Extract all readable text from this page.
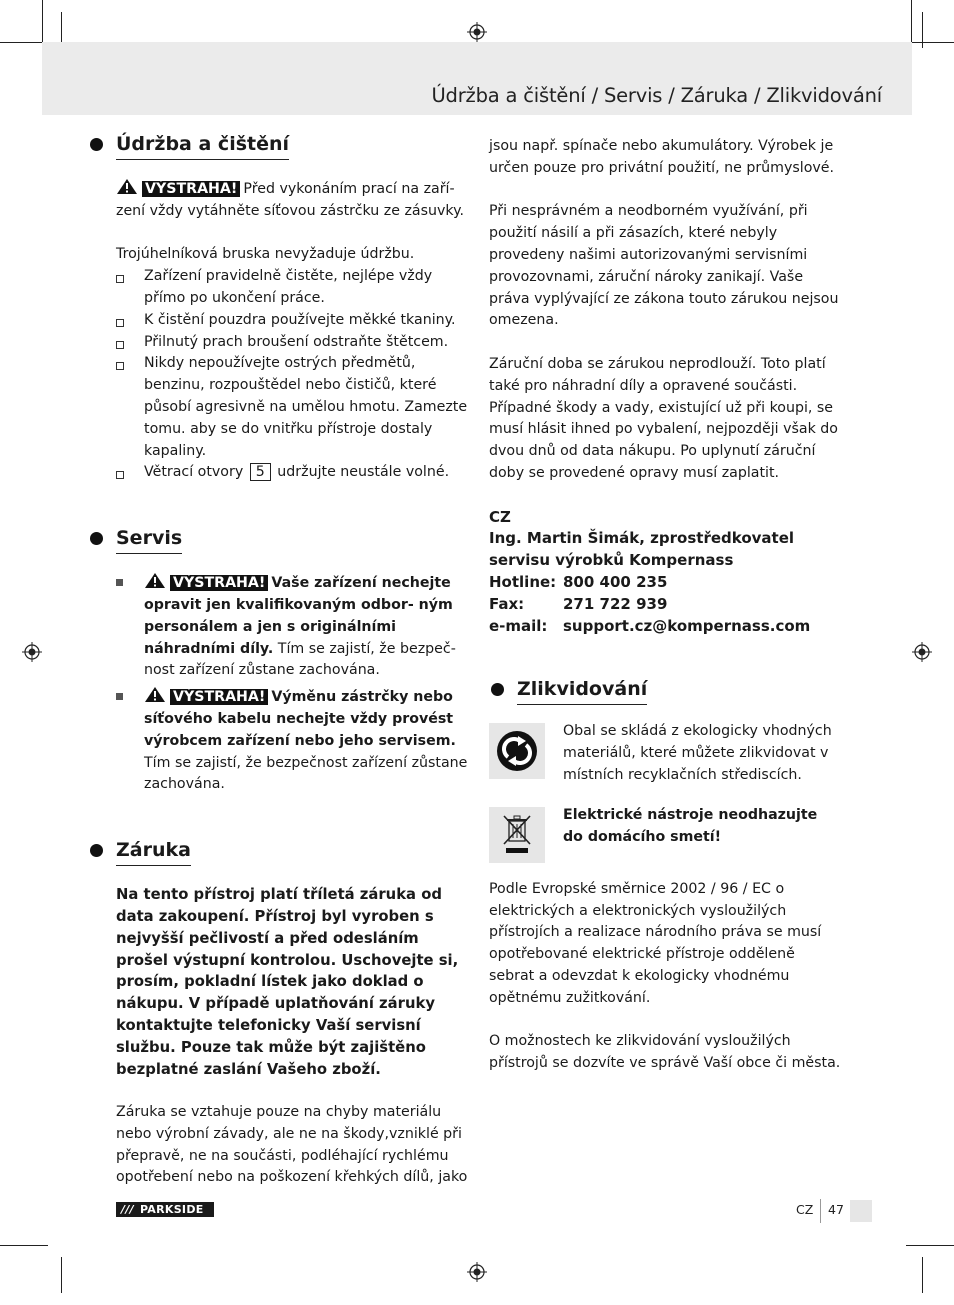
Údržba a čištění / Servis / Záruka / Zlikvidování
Údržba a čištění

VÝSTRAHA! Před vykonáním prací na zaří- zení vždy vytáhněte síťovou zástrčku ze zásuvky.

Trojúhelníková bruska nevyžaduje údržbu.

Zařízení pravidelně čistěte, nejlépe vždy přímo po ukončení práce.
K čistění pouzdra používejte měkké tkaniny.
Přilnutý prach broušení odstraňte štětcem.
Nikdy nepoužívejte ostrých předmětů, benzinu, rozpouštědel nebo čističů, které působí agresivně na umělou hmotu. Zamezte tomu. aby se do vnitřku přístroje dostaly kapaliny.
Větrací otvory 5 udržujte neustále volné.
Servis
VÝSTRAHA! Vaše zařízení nechejte opravit jen kvalifikovaným odbor- ným personálem a jen s originálními náhradními díly. Tím se zajistí, že bezpeč- nost zařízení zůstane zachována.
VÝSTRAHA! Výměnu zástrčky nebo síťového kabelu nechejte vždy provést výrobcem zařízení nebo jeho servisem. Tím se zajistí, že bezpečnost zařízení zůstane zachována.
Záruka

Na tento přístroj platí tříletá záruka od data zakoupení. Přístroj byl vyroben s nejvyšší pečlivostí a před odesláním prošel výstupní kontrolou. Uschovejte si, prosím, pokladní lístek jako doklad o nákupu. V případě uplatňování záruky kontaktujte telefonicky Vaší servisní službu. Pouze tak může být zajištěno bezplatné zaslání Vašeho zboží.

Záruka se vztahuje pouze na chyby materiálu nebo výrobní závady, ale ne na škody,vzniklé při přepravě, ne na součásti, podléhající rychlému opotřebení nebo na poškození křehkých dílů, jako

jsou např. spínače nebo akumulátory. Výrobek je určen pouze pro privátní použití, ne průmyslové.

Při nesprávném a neodborném využívání, při použití násilí a při zásazích, které nebyly provedeny našimi autorizovanými servisními provozovnami, záruční nároky zanikají. Vaše práva vyplývající ze zákona touto zárukou nejsou omezena.

Záruční doba se zárukou neprodlouží. Toto platí také pro náhradní díly a opravené součásti. Případné škody a vady, existující už při koupi, se musí hlásit ihned po vybalení, nejpozději však do dvou dnů od data nákupu. Po uplynutí záruční doby se provedené opravy musí zaplatit.

CZ

Ing. Martin Šimák, zprostředkovatel servisu výrobků Kompernass

Hotline: 800 400 235
Fax:	271 722 939
e-mail:	support.cz@kompernass.com
Zlikvidování

Obal se skládá z ekologicky vhodných materiálů, které můžete zlikvidovat v místních recyklačních střediscích.

Elektrické nástroje neodhazujte do domácího smetí!

Podle Evropské směrnice 2002 / 96 / EC o elektrických a elektronických vysloužilých přístrojích a realizace národního práva se musí opotřebované elektrické přístroje odděleně sebrat a odevzdat k ekologicky vhodnému opětnému zužitkování.

O možnostech ke zlikvidování vysloužilých přístrojů se dozvíte ve správě Vaší obce či města.

/// PARKSIDE	CZ 47
